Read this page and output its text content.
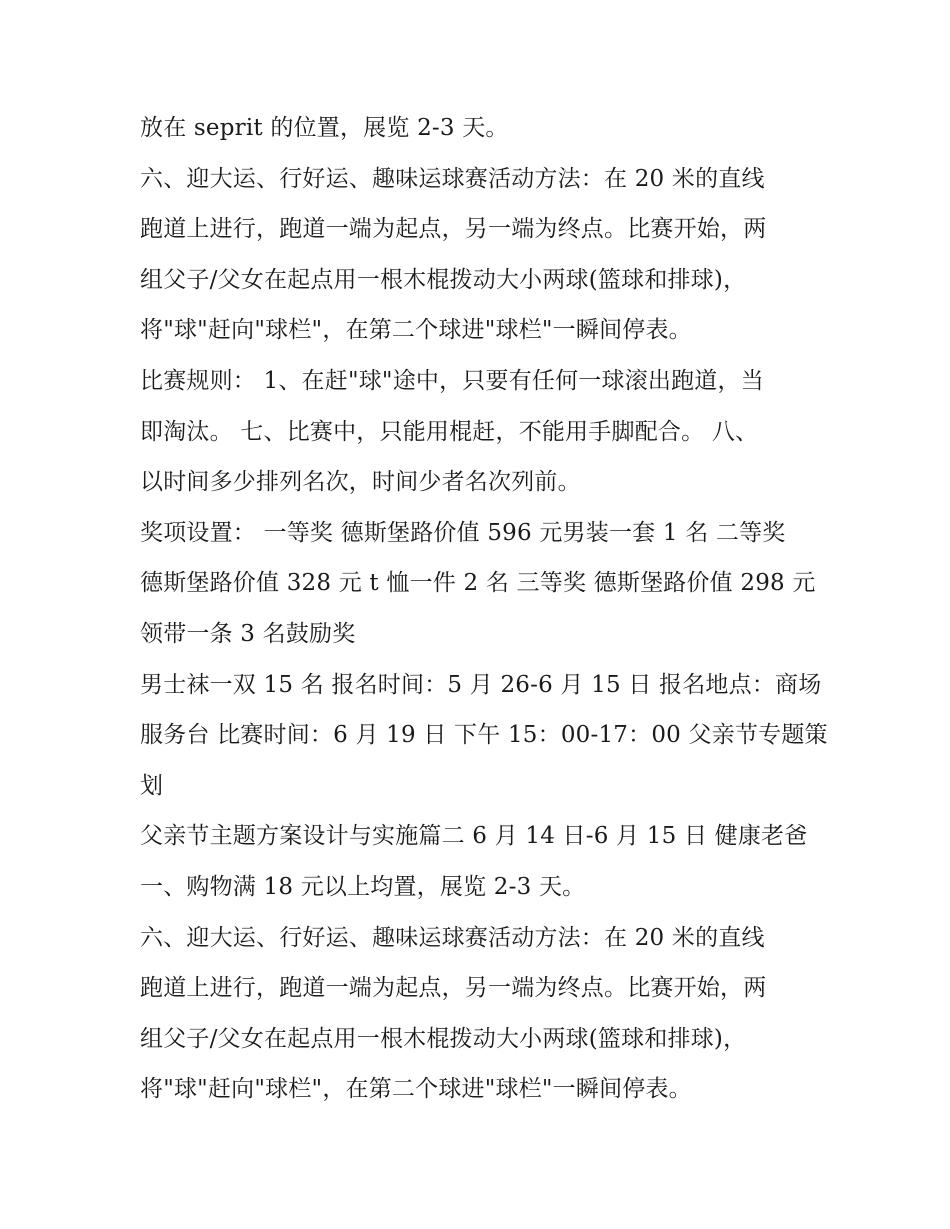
放在 seprit 的位置，展览 2-3 天。
六、迎大运、行好运、趣味运球赛活动方法：在 20 米的直线
跑道上进行，跑道一端为起点，另一端为终点。比赛开始，两
组父子/父女在起点用一根木棍拨动大小两球(篮球和排球)，
将"球"赶向"球栏"，在第二个球进"球栏"一瞬间停表。
比赛规则： 1、在赶"球"途中，只要有任何一球滚出跑道，当
即淘汰。 七、比赛中，只能用棍赶，不能用手脚配合。 八、
以时间多少排列名次，时间少者名次列前。
奖项设置： 一等奖 德斯堡路价值 596 元男装一套 1 名 二等奖
德斯堡路价值 328 元 t 恤一件 2 名 三等奖 德斯堡路价值 298 元
领带一条 3 名鼓励奖
男士袜一双 15 名 报名时间：5 月 26-6 月 15 日 报名地点：商场
服务台 比赛时间：6 月 19 日 下午 15：00-17：00 父亲节专题策
划
父亲节主题方案设计与实施篇二 6 月 14 日-6 月 15 日 健康老爸
一、购物满 18 元以上均置，展览 2-3 天。
六、迎大运、行好运、趣味运球赛活动方法：在 20 米的直线
跑道上进行，跑道一端为起点，另一端为终点。比赛开始，两
组父子/父女在起点用一根木棍拨动大小两球(篮球和排球)，
将"球"赶向"球栏"，在第二个球进"球栏"一瞬间停表。
